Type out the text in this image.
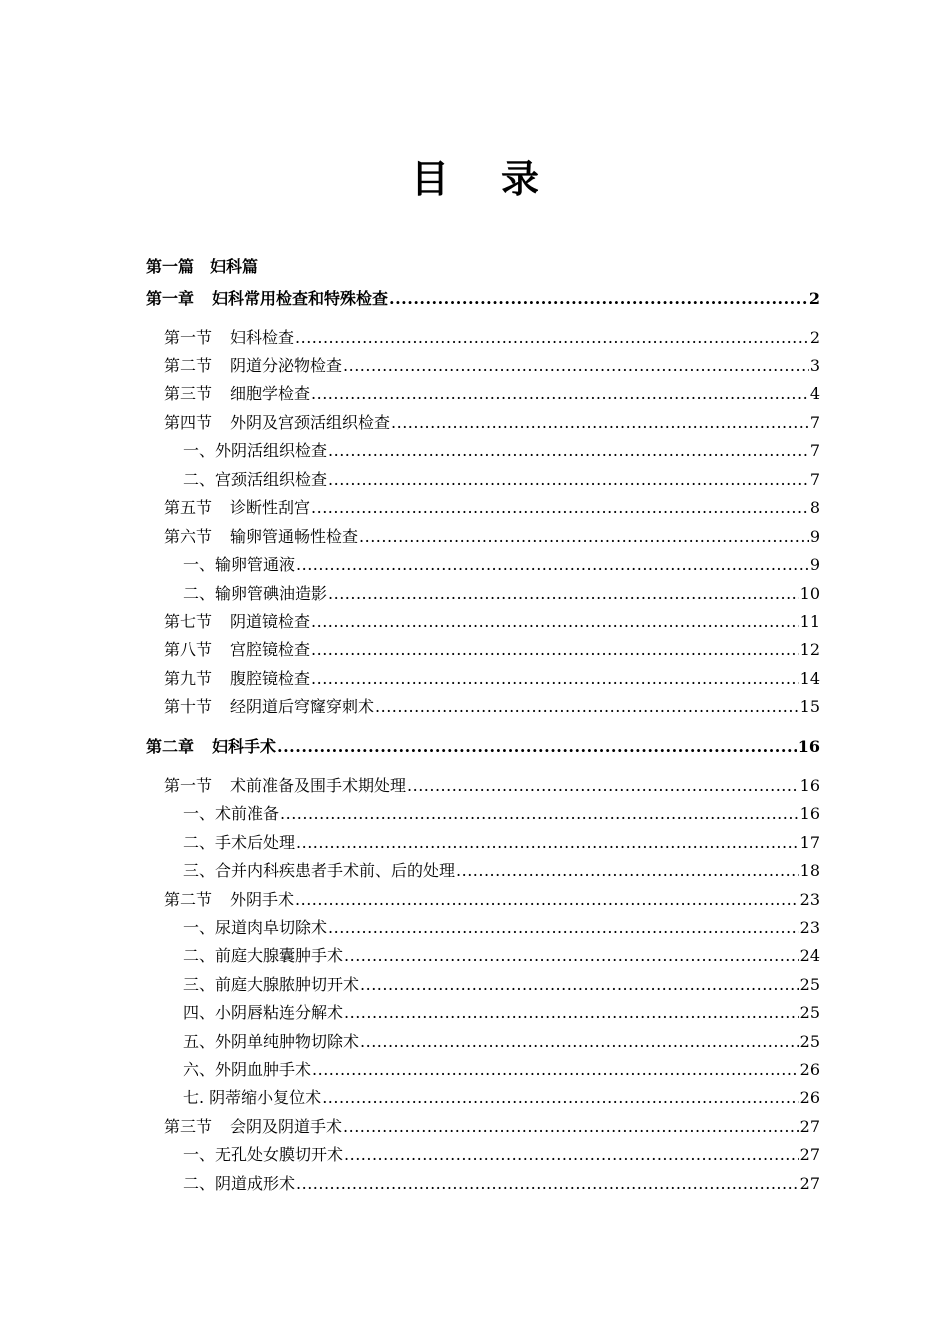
目 录
第一篇 妇科篇
第一章 妇科常用检查和特殊检查 .....	2
第一节 妇科检查 .....	2
第二节 阴道分泌物检查 .....	3
第三节 细胞学检查 .....	4
第四节 外阴及宫颈活组织检查 .....	7
一、外阴活组织检查 .....	7
二、宫颈活组织检查 .....	7
第五节 诊断性刮宫 .....	8
第六节 输卵管通畅性检查 .....	9
一、输卵管通液 .....	9
二、输卵管碘油造影 .....	10
第七节 阴道镜检查 .....	11
第八节 宫腔镜检查 .....	12
第九节 腹腔镜检查 .....	14
第十节 经阴道后穹窿穿刺术 .....	15
第二章 妇科手术 .....	16
第一节 术前准备及围手术期处理 .....	16
一、术前准备 .....	16
二、手术后处理 .....	17
三、合并内科疾患者手术前、后的处理 .....	18
第二节 外阴手术 .....	23
一、尿道肉阜切除术 .....	23
二、前庭大腺囊肿手术 .....	24
三、前庭大腺脓肿切开术 .....	25
四、小阴唇粘连分解术 .....	25
五、外阴单纯肿物切除术 .....	25
六、外阴血肿手术 .....	26
七. 阴蒂缩小复位术 .....	26
第三节 会阴及阴道手术 .....	27
一、无孔处女膜切开术 .....	27
二、阴道成形术 .....	27
